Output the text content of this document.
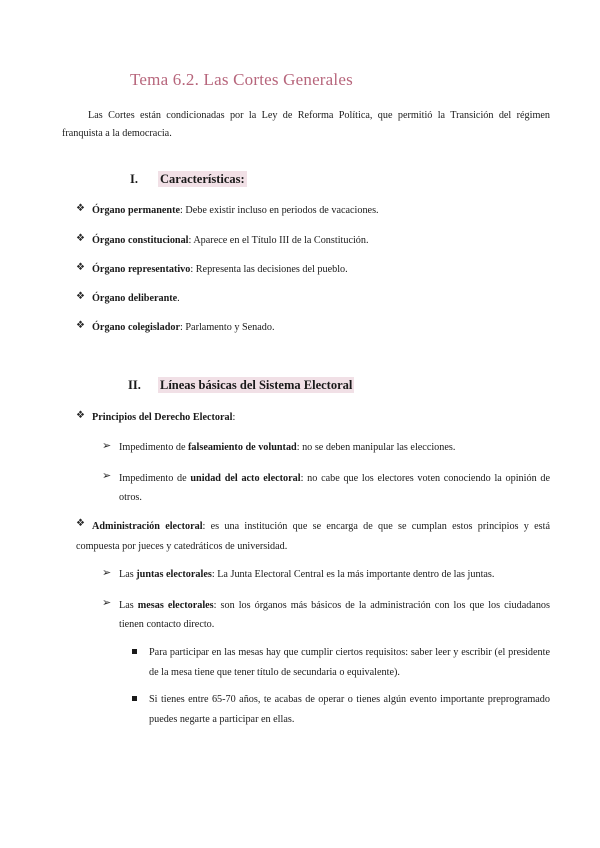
Tema 6.2. Las Cortes Generales
Las Cortes están condicionadas por la Ley de Reforma Política, que permitió la Transición del régimen franquista a la democracia.
I. Características:
❖ Órgano permanente: Debe existir incluso en periodos de vacaciones.
❖ Órgano constitucional: Aparece en el Título III de la Constitución.
❖ Órgano representativo: Representa las decisiones del pueblo.
❖ Órgano deliberante.
❖ Órgano colegislador: Parlamento y Senado.
II. Líneas básicas del Sistema Electoral
❖ Principios del Derecho Electoral:
➢ Impedimento de falseamiento de voluntad: no se deben manipular las elecciones.
➢ Impedimento de unidad del acto electoral: no cabe que los electores voten conociendo la opinión de otros.
❖ Administración electoral: es una institución que se encarga de que se cumplan estos principios y está compuesta por jueces y catedráticos de universidad.
➢ Las juntas electorales: La Junta Electoral Central es la más importante dentro de las juntas.
➢ Las mesas electorales: son los órganos más básicos de la administración con los que los ciudadanos tienen contacto directo.
Para participar en las mesas hay que cumplir ciertos requisitos: saber leer y escribir (el presidente de la mesa tiene que tener título de secundaria o equivalente).
Si tienes entre 65-70 años, te acabas de operar o tienes algún evento importante preprogramado puedes negarte a participar en ellas.
